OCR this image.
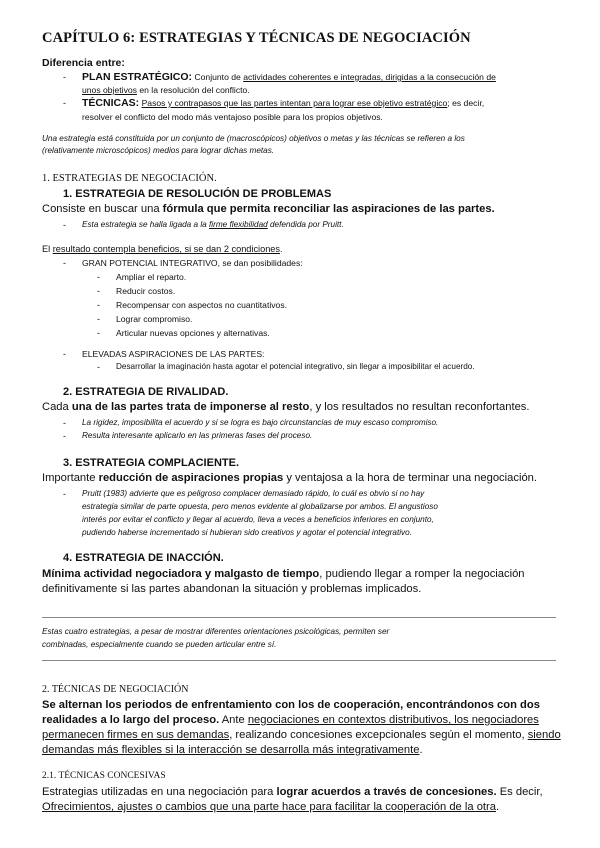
CAPÍTULO 6: ESTRATEGIAS Y TÉCNICAS DE NEGOCIACIÓN
Diferencia entre:
- PLAN ESTRATÉGICO: Conjunto de actividades coherentes e integradas, dirigidas a la consecución de
unos objetivos en la resolución del conflicto.
- TÉCNICAS: Pasos y contrapasos que las partes intentan para lograr ese objetivo estratégico; es decir,
resolver el conflicto del modo más ventajoso posible para los propios objetivos.
Una estrategia está constituida por un conjunto de (macroscópicos) objetivos o metas y las técnicas se refieren a los
(relativamente microscópicos) medios para lograr dichas metas.
1. ESTRATEGIAS DE NEGOCIACIÓN.
1. ESTRATEGIA DE RESOLUCIÓN DE PROBLEMAS
Consiste en buscar una fórmula que permita reconciliar las aspiraciones de las partes.
- Esta estrategia se halla ligada a la firme flexibilidad defendida por Pruitt.
El resultado contempla beneficios, si se dan 2 condiciones.
- GRAN POTENCIAL INTEGRATIVO, se dan posibilidades:
- Ampliar el reparto.
- Reducir costos.
- Recompensar con aspectos no cuantitativos.
- Lograr compromiso.
- Articular nuevas opciones y alternativas.
- ELEVADAS ASPIRACIONES DE LAS PARTES:
- Desarrollar la imaginación hasta agotar el potencial integrativo, sin llegar a imposibilitar el acuerdo.
2. ESTRATEGIA DE RIVALIDAD.
Cada una de las partes trata de imponerse al resto, y los resultados no resultan reconfortantes.
- La rigidez, imposibilita el acuerdo y si se logra es bajo circunstancias de muy escaso compromiso.
- Resulta interesante aplicarlo en las primeras fases del proceso.
3. ESTRATEGIA COMPLACIENTE.
Importante reducción de aspiraciones propias y ventajosa a la hora de terminar una negociación.
- Pruitt (1983) advierte que es peligroso complacer demasiado rápido, lo cuál es obvio si no hay
estrategia similar de parte opuesta, pero menos evidente al globalizarse por ambos. El angustioso
interés por evitar el conflicto y llegar al acuerdo, lleva a veces a beneficios inferiores en conjunto,
pudiendo haberse incrementado si hubieran sido creativos y agotar el potencial integrativo.
4. ESTRATEGIA DE INACCIÓN.
Mínima actividad negociadora y malgasto de tiempo, pudiendo llegar a romper la negociación
definitivamente si las partes abandonan la situación y problemas implicados.
Estas cuatro estrategias, a pesar de mostrar diferentes orientaciones psicológicas, permiten ser
combinadas, especialmente cuando se pueden articular entre sí.
2. TÉCNICAS DE NEGOCIACIÓN
Se alternan los periodos de enfrentamiento con los de cooperación, encontrándonos con dos
realidades a lo largo del proceso. Ante negociaciones en contextos distributivos, los negociadores
permanecen firmes en sus demandas, realizando concesiones excepcionales según el momento, siendo
demandas más flexibles si la interacción se desarrolla más integrativamente.
2.1. TÉCNICAS CONCESIVAS
Estrategias utilizadas en una negociación para lograr acuerdos a través de concesiones. Es decir,
Ofrecimientos, ajustes o cambios que una parte hace para facilitar la cooperación de la otra.
